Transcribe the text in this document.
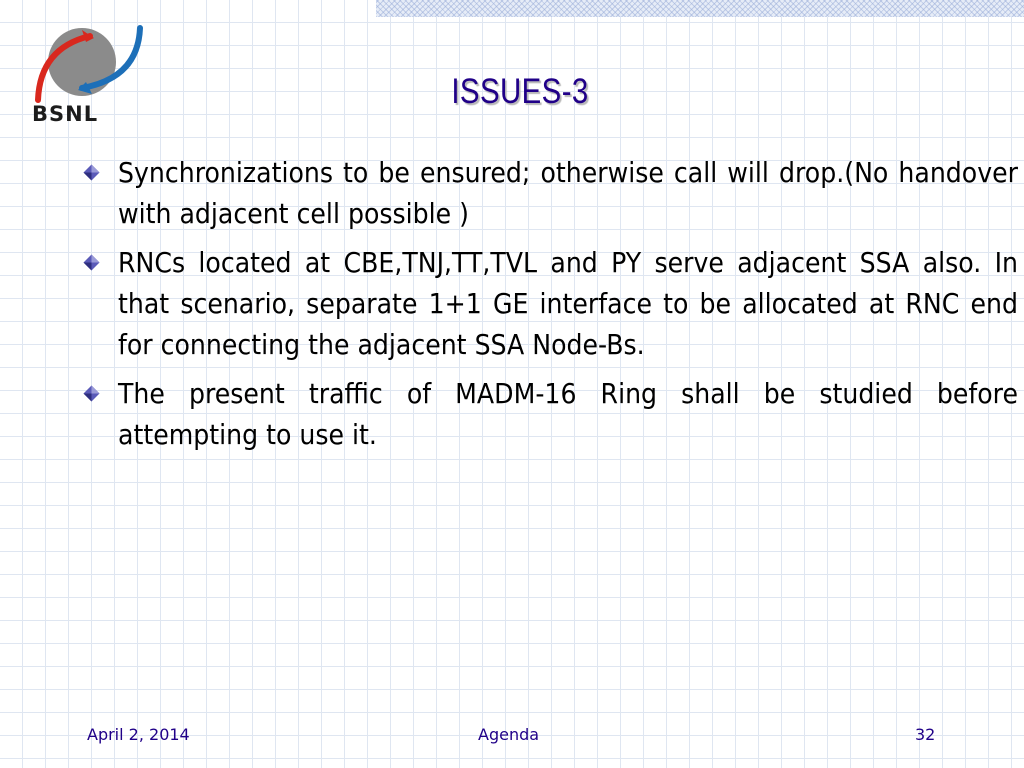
BSNL
ISSUES-3
Synchronizations to be ensured; otherwise call will drop.(No handover with adjacent cell possible )
RNCs located at CBE,TNJ,TT,TVL and PY serve adjacent SSA also. In that scenario, separate 1+1 GE interface to be allocated at RNC end for connecting the adjacent SSA Node-Bs.
The present traffic of MADM-16 Ring shall be studied before attempting to use it.
April 2, 2014	Agenda	32
